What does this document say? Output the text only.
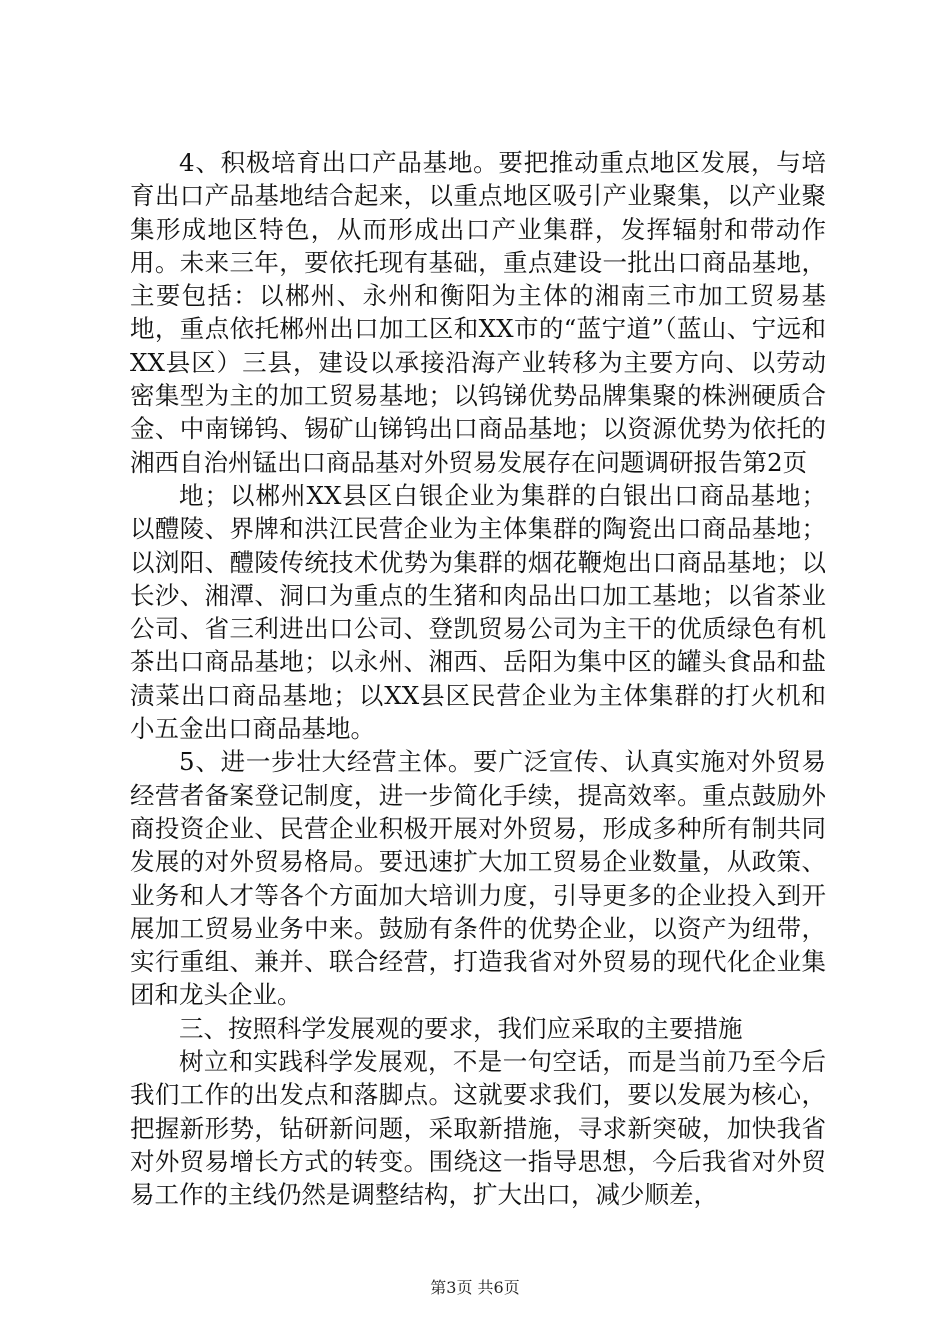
4、积极培育出口产品基地。要把推动重点地区发展，与培育出口产品基地结合起来，以重点地区吸引产业聚集，以产业聚集形成地区特色，从而形成出口产业集群，发挥辐射和带动作用。未来三年，要依托现有基础，重点建设一批出口商品基地，主要包括：以郴州、永州和衡阳为主体的湘南三市加工贸易基地，重点依托郴州出口加工区和XX市的“蓝宁道”（蓝山、宁远和XX县区）三县，建设以承接沿海产业转移为主要方向、以劳动密集型为主的加工贸易基地；以钨锑优势品牌集聚的株洲硬质合金、中南锑钨、锡矿山锑钨出口商品基地；以资源优势为依托的湘西自治州锰出口商品基对外贸易发展存在问题调研报告第2页

地；以郴州XX县区白银企业为集群的白银出口商品基地；以醴陵、界牌和洪江民营企业为主体集群的陶瓷出口商品基地；以浏阳、醴陵传统技术优势为集群的烟花鞭炮出口商品基地；以长沙、湘潭、洞口为重点的生猪和肉品出口加工基地；以省茶业公司、省三利进出口公司、登凯贸易公司为主干的优质绿色有机茶出口商品基地；以永州、湘西、岳阳为集中区的罐头食品和盐渍菜出口商品基地；以XX县区民营企业为主体集群的打火机和小五金出口商品基地。

5、进一步壮大经营主体。要广泛宣传、认真实施对外贸易经营者备案登记制度，进一步简化手续，提高效率。重点鼓励外商投资企业、民营企业积极开展对外贸易，形成多种所有制共同发展的对外贸易格局。要迅速扩大加工贸易企业数量，从政策、业务和人才等各个方面加大培训力度，引导更多的企业投入到开展加工贸易业务中来。鼓励有条件的优势企业，以资产为纽带，实行重组、兼并、联合经营，打造我省对外贸易的现代化企业集团和龙头企业。

三、按照科学发展观的要求，我们应采取的主要措施

树立和实践科学发展观，不是一句空话，而是当前乃至今后我们工作的出发点和落脚点。这就要求我们，要以发展为核心，把握新形势，钻研新问题，采取新措施，寻求新突破，加快我省对外贸易增长方式的转变。围绕这一指导思想，今后我省对外贸易工作的主线仍然是调整结构，扩大出口，减少顺差，

第3页 共6页
